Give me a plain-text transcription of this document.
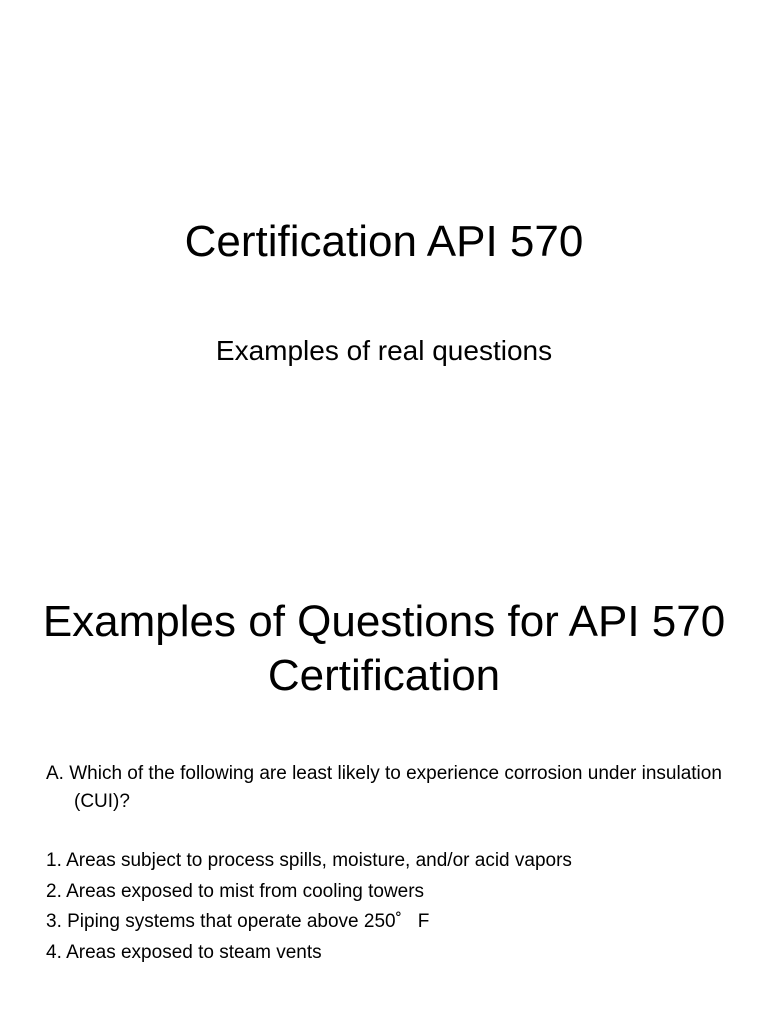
Certification API 570
Examples of real questions
Examples of Questions for API 570 Certification

A. Which of the following are least likely to experience corrosion under insulation (CUI)?

1. Areas subject to process spills, moisture, and/or acid vapors
2. Areas exposed to mist from cooling towers
3. Piping systems that operate above 250˚   F
4. Areas exposed to steam vents
